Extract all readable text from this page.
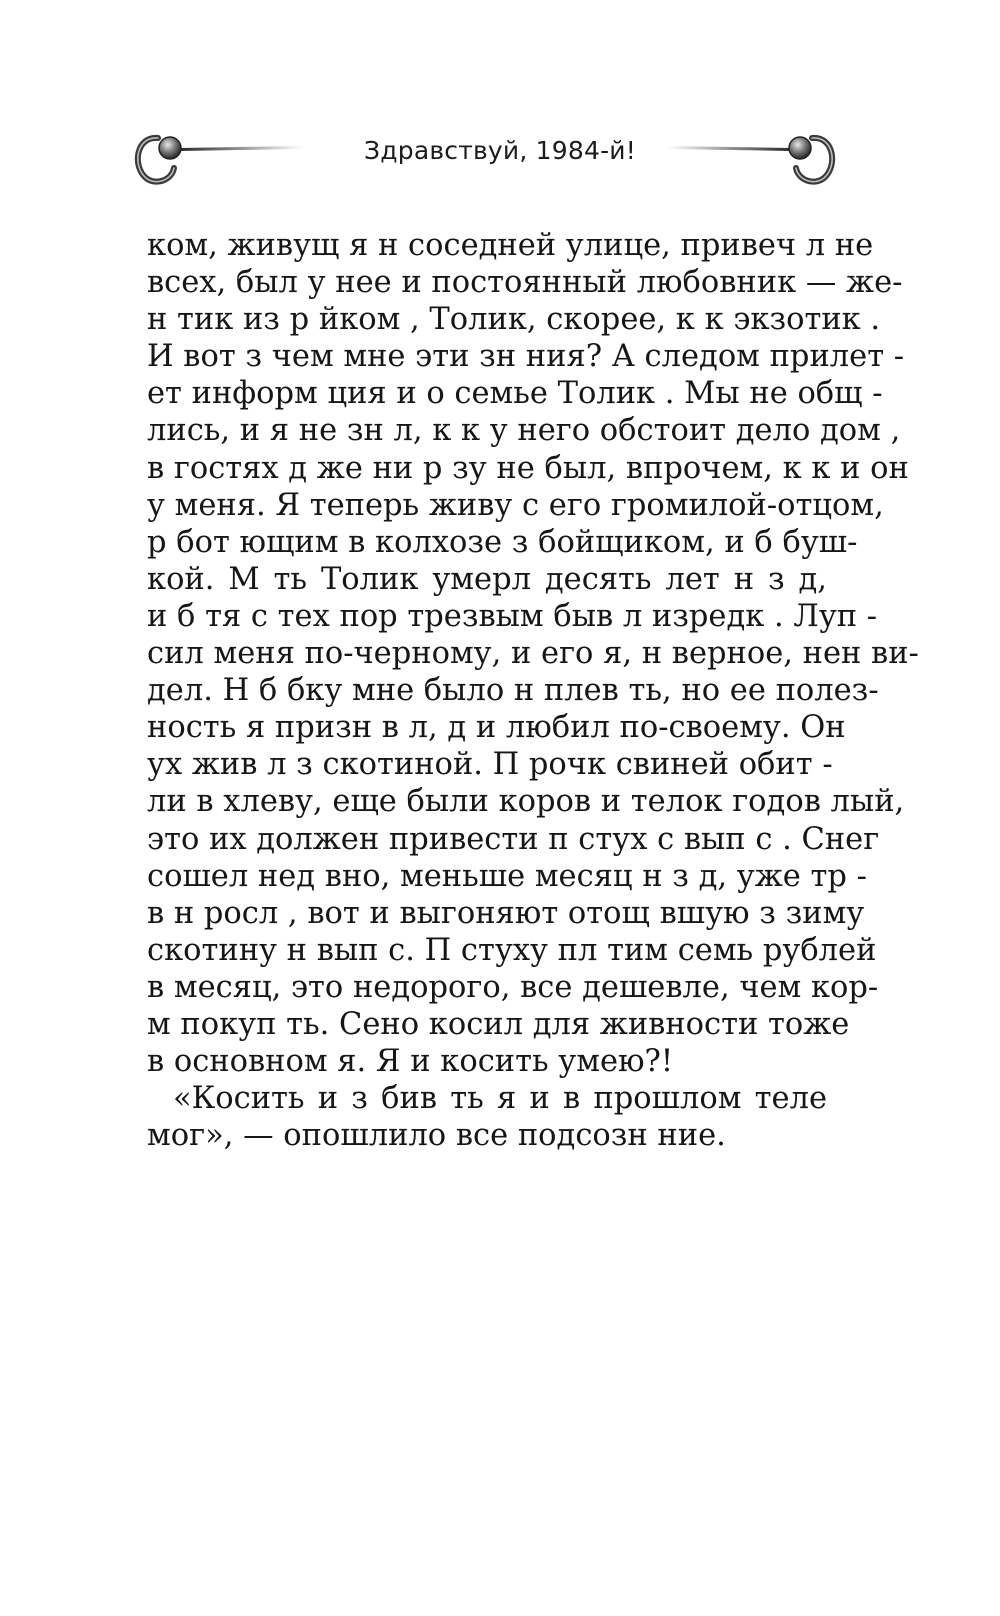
Здравствуй, 1984-й!
ком, живущ я н соседней улице, привеч л не
всех, был у нее и постоянный любовник — же-
н тик из р йком , Толик, скорее, к к экзотик .
И вот з чем мне эти зн ния? А следом прилет -
ет информ ция и о семье Толик . Мы не общ -
лись, и я не зн л, к к у него обстоит дело дом ,
в гостях д же ни р зу не был, впрочем, к к и он
у меня. Я теперь живу с его громилой-отцом,
р бот ющим в колхозе з бойщиком, и б буш-
кой. М ть Толик умерл десять лет н з д,
и б тя с тех пор трезвым быв л изредк . Луп -
сил меня по-черному, и его я, н верное, нен ви-
дел. Н б бку мне было н плев ть, но ее полез-
ность я призн в л, д и любил по-своему. Он
ух жив л з скотиной. П рочк свиней обит -
ли в хлеву, еще были коров и телок годов лый,
это их должен привести п стух с вып с . Снег
сошел нед вно, меньше месяц н з д, уже тр -
в н росл , вот и выгоняют отощ вшую з зиму
скотину н вып с. П стуху пл тим семь рублей
в месяц, это недорого, все дешевле, чем кор-
м покуп ть. Сено косил для живности тоже
в основном я. Я и косить умею?!
«Косить и з бив ть я и в прошлом теле
мог», — опошлило все подсозн ние.
